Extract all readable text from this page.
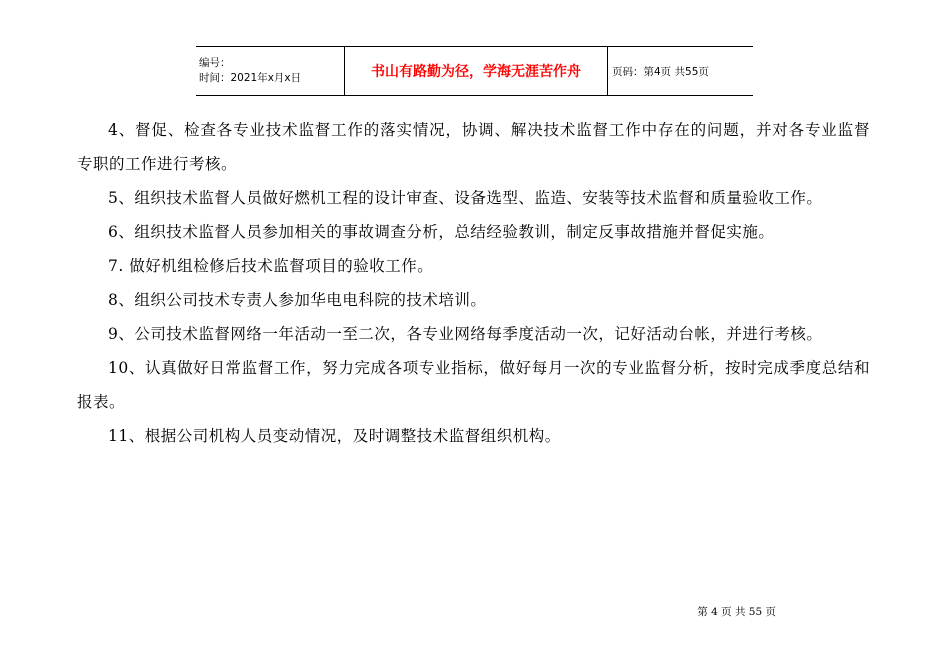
编号：
时间：2021年x月x日	书山有路勤为径，学海无涯苦作舟	页码：第4页 共55页

4、督促、检查各专业技术监督工作的落实情况，协调、解决技术监督工作中存在的问题，并对各专业监督专职的工作进行考核。

5、组织技术监督人员做好燃机工程的设计审查、设备选型、监造、安装等技术监督和质量验收工作。

6、组织技术监督人员参加相关的事故调查分析，总结经验教训，制定反事故措施并督促实施。

7. 做好机组检修后技术监督项目的验收工作。

8、组织公司技术专责人参加华电电科院的技术培训。

9、公司技术监督网络一年活动一至二次，各专业网络每季度活动一次，记好活动台帐，并进行考核。

10、认真做好日常监督工作，努力完成各项专业指标，做好每月一次的专业监督分析，按时完成季度总结和报表。

11、根据公司机构人员变动情况，及时调整技术监督组织机构。

第 4 页 共 55 页
